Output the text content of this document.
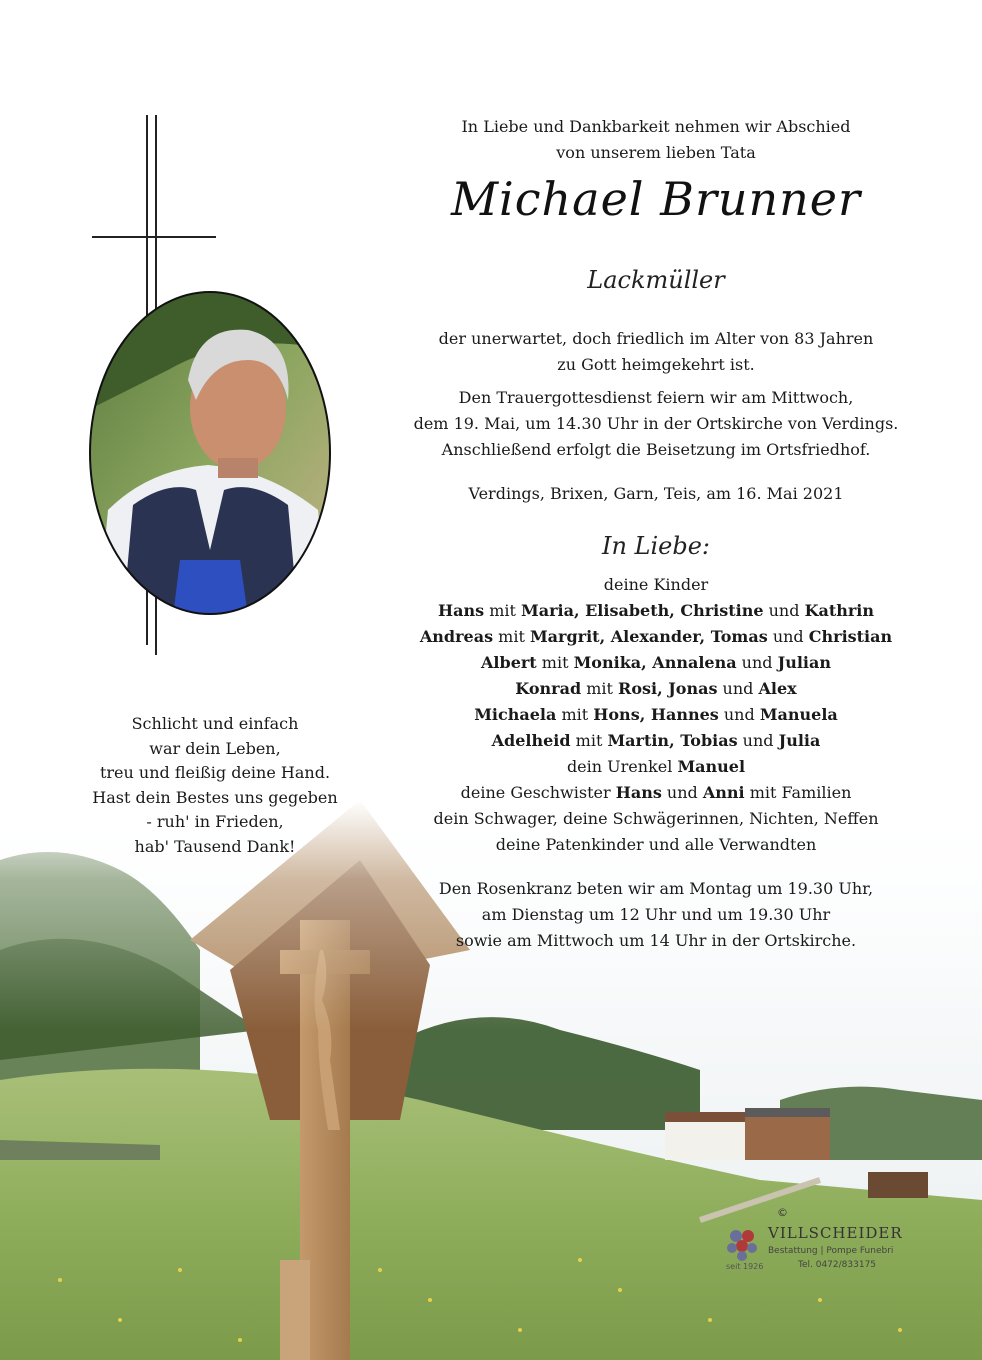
In Liebe und Dankbarkeit nehmen wir Abschied
von unserem lieben Tata
Michael Brunner
Lackmüller
der unerwartet, doch friedlich im Alter von 83 Jahren
zu Gott heimgekehrt ist.
Den Trauergottesdienst feiern wir am Mittwoch,
dem 19. Mai, um 14.30 Uhr in der Ortskirche von Verdings.
Anschließend erfolgt die Beisetzung im Ortsfriedhof.
Verdings, Brixen, Garn, Teis, am 16. Mai 2021
In Liebe:
deine Kinder
Hans mit Maria, Elisabeth, Christine und Kathrin
Andreas mit Margrit, Alexander, Tomas und Christian
Albert mit Monika, Annalena und Julian
Konrad mit Rosi, Jonas und Alex
Michaela mit Hons, Hannes und Manuela
Adelheid mit Martin, Tobias und Julia
dein Urenkel Manuel
deine Geschwister Hans und Anni mit Familien
dein Schwager, deine Schwägerinnen, Nichten, Neffen
deine Patenkinder und alle Verwandten
Den Rosenkranz beten wir am Montag um 19.30 Uhr,
am Dienstag um 12 Uhr und um 19.30 Uhr
sowie am Mittwoch um 14 Uhr in der Ortskirche.
Schlicht und einfach
war dein Leben,
treu und fleißig deine Hand.
Hast dein Bestes uns gegeben
- ruh' in Frieden,
hab' Tausend Dank!
©
VILLSCHEIDER
Bestattung | Pompe Funebri
seit 1926	Tel. 0472/833175
